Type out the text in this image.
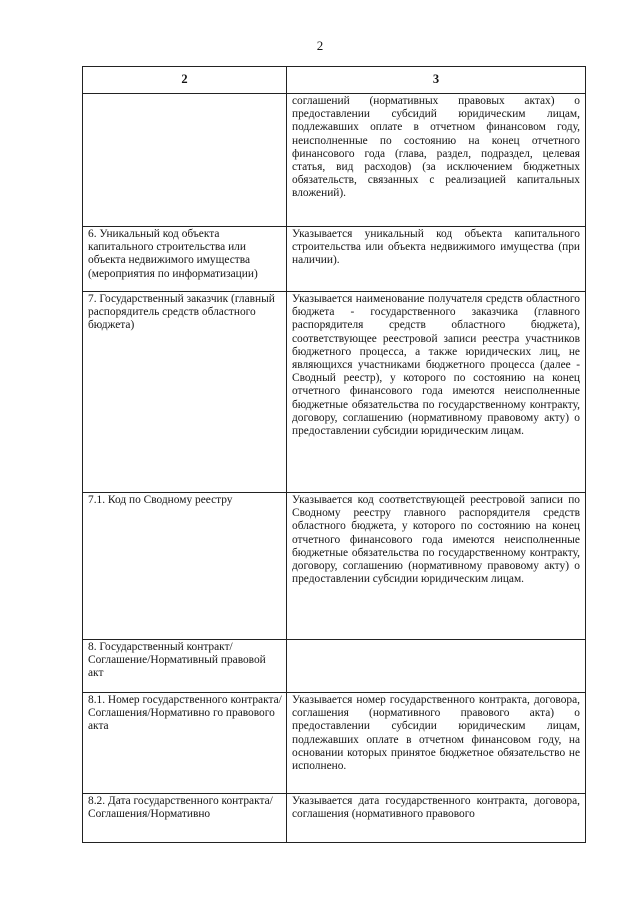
2
2	3

	соглашений (нормативных правовых актах) о предоставлении субсидий юридическим лицам, подлежавших оплате в отчетном финансовом году, неисполненные по состоянию на конец отчетного финансового года (глава, раздел, подраздел, целевая статья, вид расходов) (за исключением бюджетных обязательств, связанных с реализацией капитальных вложений).

6. Уникальный код объекта капитального строительства или объекта недвижимого имущества (мероприятия по информатизации)	Указывается уникальный код объекта капитального строительства или объекта недвижимого имущества (при наличии).

7. Государственный заказчик (главный распорядитель средств областного бюджета)	Указывается наименование получателя средств областного бюджета - государственного заказчика (главного распорядителя средств областного бюджета), соответствующее реестровой записи реестра участников бюджетного процесса, а также юридических лиц, не являющихся участниками бюджетного процесса (далее - Сводный реестр), у которого по состоянию на конец отчетного финансового года имеются неисполненные бюджетные обязательства по государственному контракту, договору, соглашению (нормативному правовому акту) о предоставлении субсидии юридическим лицам.

7.1. Код по Сводному реестру	Указывается код соответствующей реестровой записи по Сводному реестру главного распорядителя средств областного бюджета, у которого по состоянию на конец отчетного финансового года имеются неисполненные бюджетные обязательства по государственному контракту, договору, соглашению (нормативному правовому акту) о предоставлении субсидии юридическим лицам.

8. Государственный контракт/Соглашение/Нормативный правовой акт	

8.1. Номер государственного контракта/Соглашения/Нормативно го правового акта	Указывается номер государственного контракта, договора, соглашения (нормативного правового акта) о предоставлении субсидии юридическим лицам, подлежавших оплате в отчетном финансовом году, на основании которых принятое бюджетное обязательство не исполнено.

8.2. Дата государственного контракта/Соглашения/Нормативно	Указывается дата государственного контракта, договора, соглашения (нормативного правового
